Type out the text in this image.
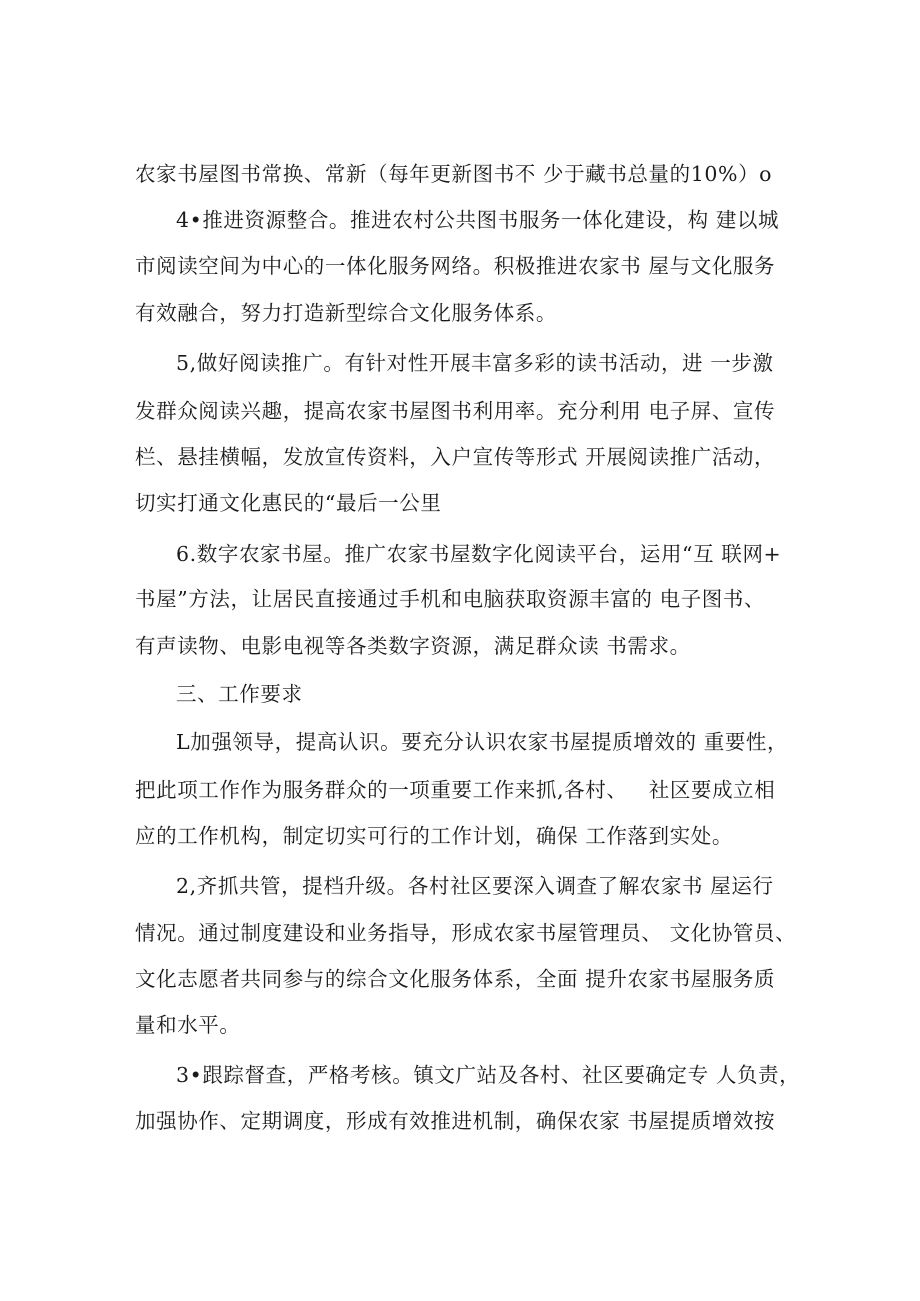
农家书屋图书常换、常新（每年更新图书不 少于藏书总量的10%）o
4•推进资源整合。推进农村公共图书服务一体化建设，构 建以城
市阅读空间为中心的一体化服务网络。积极推进农家书 屋与文化服务
有效融合，努力打造新型综合文化服务体系。
5,做好阅读推广。有针对性开展丰富多彩的读书活动，进 一步激
发群众阅读兴趣，提高农家书屋图书利用率。充分利用 电子屏、宣传
栏、悬挂横幅，发放宣传资料，入户宣传等形式 开展阅读推广活动，
切实打通文化惠民的“最后一公里
6.数字农家书屋。推广农家书屋数字化阅读平台，运用“互 联网+
书屋”方法，让居民直接通过手机和电脑获取资源丰富的 电子图书、
有声读物、电影电视等各类数字资源，满足群众读 书需求。
三、工作要求
L加强领导，提高认识。要充分认识农家书屋提质增效的 重要性，
把此项工作作为服务群众的一项重要工作来抓,各村、   社区要成立相
应的工作机构，制定切实可行的工作计划，确保 工作落到实处。
2,齐抓共管，提档升级。各村社区要深入调查了解农家书 屋运行
情况。通过制度建设和业务指导，形成农家书屋管理员、 文化协管员、
文化志愿者共同参与的综合文化服务体系，全面 提升农家书屋服务质
量和水平。
3•跟踪督查，严格考核。镇文广站及各村、社区要确定专 人负责，
加强协作、定期调度，形成有效推进机制，确保农家 书屋提质增效按
